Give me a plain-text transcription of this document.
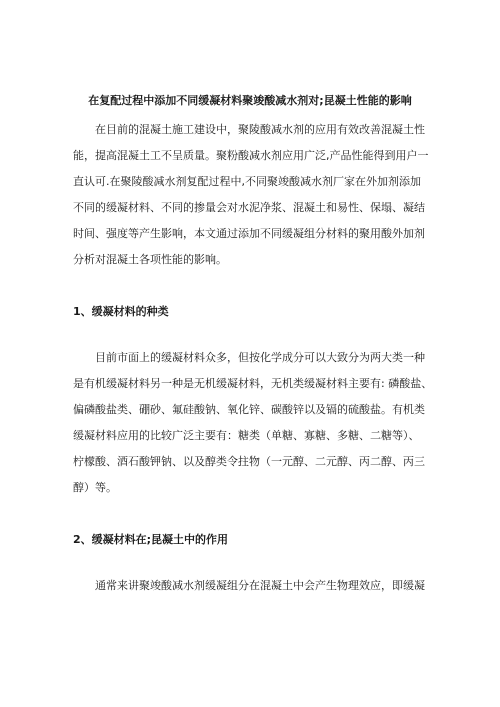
在复配过程中添加不同缓凝材料聚竣酸减水剂对;昆凝土性能的影响
　　在目前的混凝土施工建设中，聚陵酸减水剂的应用有效改善混凝土性
能，提高混凝土工不呈质量。聚粉酸减水剂应用广泛,产品性能得到用户一
直认可.在聚陵酸减水剂复配过程中,不同聚竣酸减水剂厂家在外加剂添加
不同的缓凝材料、不同的掺量会对水泥净浆、混凝土和易性、保塌、凝结
时间、强度等产生影响，本文通过添加不同缓凝组分材料的聚用酸外加剂
分析对混凝土各项性能的影响。
1、缓凝材料的种类
　　目前市面上的缓凝材料众多，但按化学成分可以大致分为两大类一种
是有机缓凝材料另一种是无机缓凝材料，无机类缓凝材料主要有: 磷酸盐、
偏磷酸盐类、硼砂、氟硅酸钠、氧化锌、碳酸锌以及镉的硫酸盐。有机类
缓凝材料应用的比较广泛主要有：糖类（单糖、寡糖、多糖、二糖等）、
柠檬酸、酒石酸钾钠、以及醇类令拄物（一元醇、二元醇、丙二醇、丙三
醇）等。
2、缓凝材料在;昆凝土中的作用
　　通常来讲聚竣酸减水剂缓凝组分在混凝土中会产生物理效应，即缓凝
